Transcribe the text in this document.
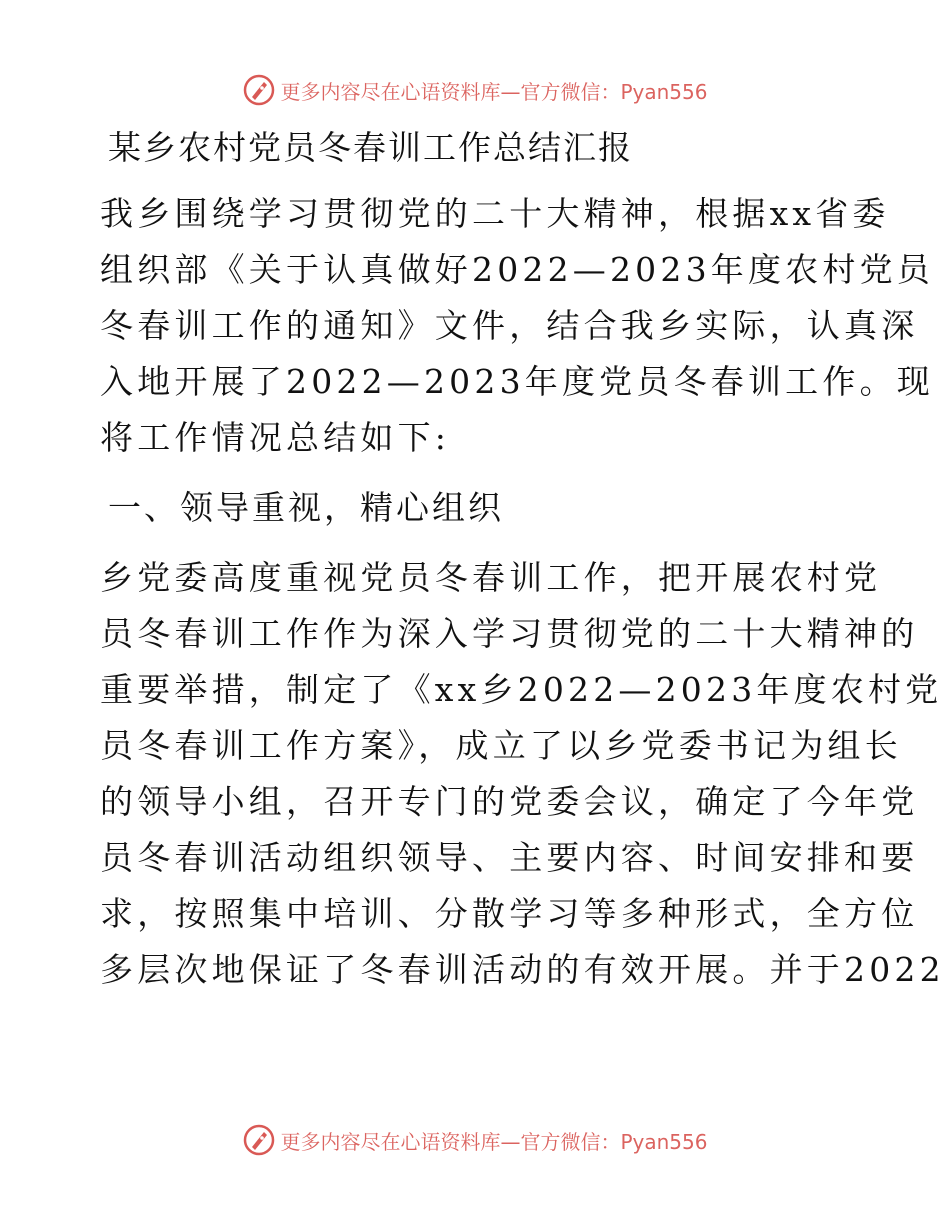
更多内容尽在心语资料库—官方微信：Pyan556
某乡农村党员冬春训工作总结汇报
我乡围绕学习贯彻党的二十大精神，根据xx省委
组织部《关于认真做好2022—2023年度农村党员
冬春训工作的通知》文件，结合我乡实际，认真深
入地开展了2022—2023年度党员冬春训工作。现
将工作情况总结如下:
一、领导重视，精心组织
乡党委高度重视党员冬春训工作，把开展农村党
员冬春训工作作为深入学习贯彻党的二十大精神的
重要举措，制定了《xx乡2022—2023年度农村党
员冬春训工作方案》，成立了以乡党委书记为组长
的领导小组，召开专门的党委会议，确定了今年党
员冬春训活动组织领导、主要内容、时间安排和要
求，按照集中培训、分散学习等多种形式，全方位
多层次地保证了冬春训活动的有效开展。并于2022
更多内容尽在心语资料库—官方微信：Pyan556
